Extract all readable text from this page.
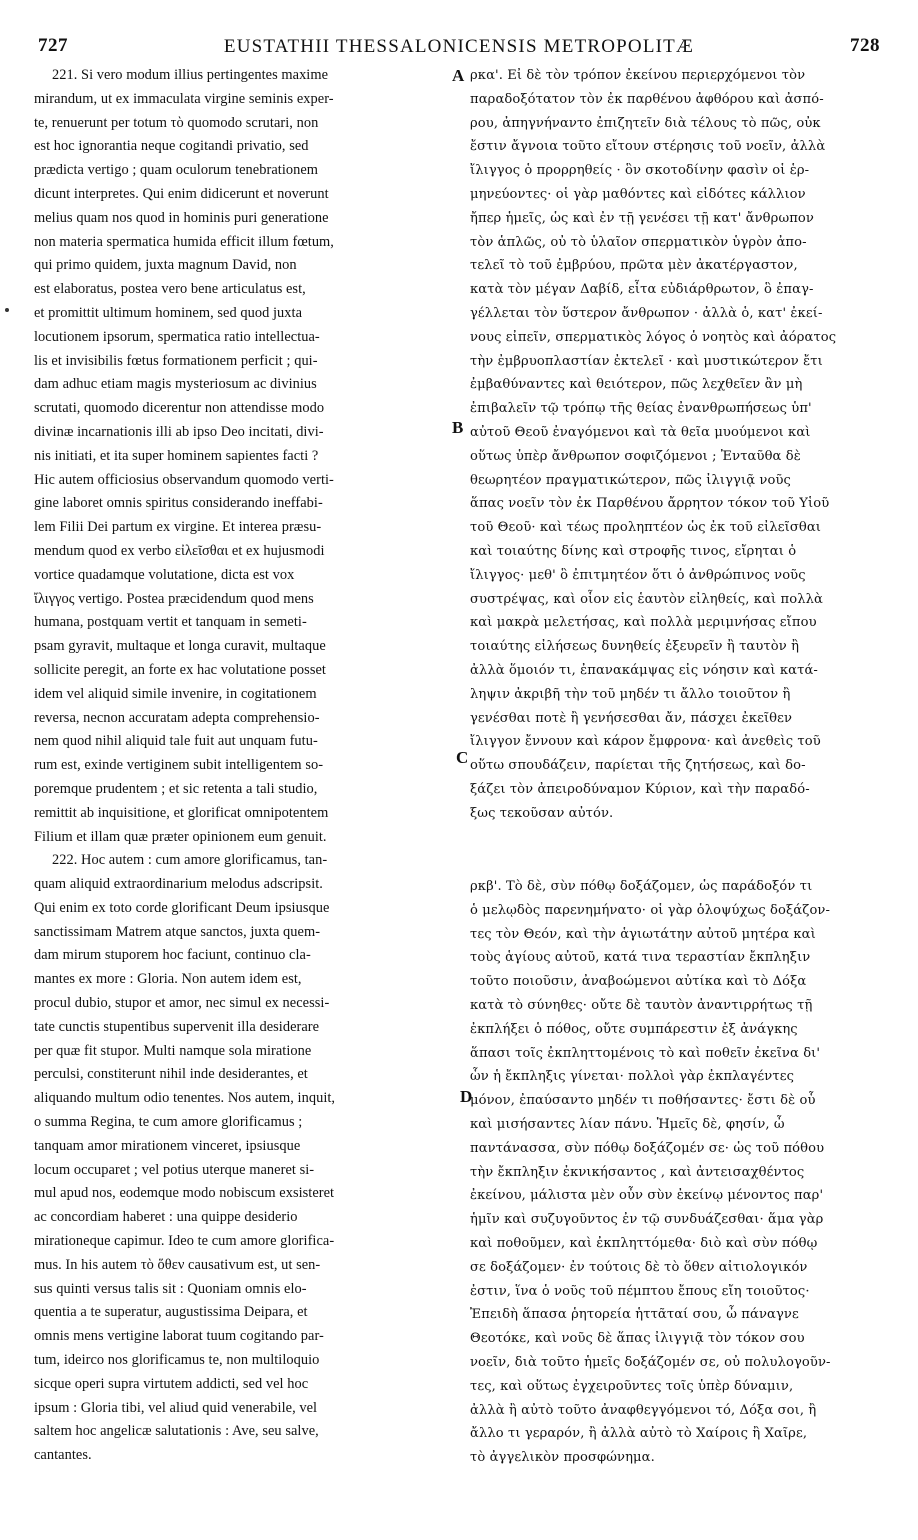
727	EUSTATHII THESSALONICENSIS METROPOLITÆ	728
A
B
C
D
221. Si vero modum illius pertingentes maxime
mirandum, ut ex immaculata virgine seminis exper-
te, renuerunt per totum τὸ quomodo scrutari, non
est hoc ignorantia neque cogitandi privatio, sed
prædicta vertigo ; quam oculorum tenebrationem
dicunt interpretes. Qui enim didicerunt et noverunt
melius quam nos quod in hominis puri generatione
non materia spermatica humida efficit illum fœtum,
qui primo quidem, juxta magnum David, non
est elaboratus, postea vero bene articulatus est,
et promittit ultimum hominem, sed quod juxta
locutionem ipsorum, spermatica ratio intellectua-
lis et invisibilis fœtus formationem perficit ; qui-
dam adhuc etiam magis mysteriosum ac divinius
scrutati, quomodo dicerentur non attendisse modo
divinæ incarnationis illi ab ipso Deo incitati, divi-
nis initiati, et ita super hominem sapientes facti ?
Hic autem officiosius observandum quomodo verti-
gine laboret omnis spiritus considerando ineffabi-
lem Filii Dei partum ex virgine. Et interea præsu-
mendum quod ex verbo εἰλεῖσθαι et ex hujusmodi
vortice quadamque volutatione, dicta est vox
ἴλιγγος vertigo. Postea præcidendum quod mens
humana, postquam vertit et tanquam in semeti-
psam gyravit, multaque et longa curavit, multaque
sollicite peregit, an forte ex hac volutatione posset
idem vel aliquid simile invenire, in cogitationem
reversa, necnon accuratam adepta comprehensio-
nem quod nihil aliquid tale fuit aut unquam futu-
rum est, exinde vertiginem subit intelligentem so-
poremque prudentem ; et sic retenta a tali studio,
remittit ab inquisitione, et glorificat omnipotentem
Filium et illam quæ præter opinionem eum genuit.
222. Hoc autem : cum amore glorificamus, tan-
quam aliquid extraordinarium melodus adscripsit.
Qui enim ex toto corde glorificant Deum ipsiusque
sanctissimam Matrem atque sanctos, juxta quem-
dam mirum stuporem hoc faciunt, continuo cla-
mantes ex more : Gloria. Non autem idem est,
procul dubio, stupor et amor, nec simul ex necessi-
tate cunctis stupentibus supervenit illa desiderare
per quæ fit stupor. Multi namque sola miratione
perculsi, constiterunt nihil inde desiderantes, et
aliquando multum odio tenentes. Nos autem, inquit,
o summa Regina, te cum amore glorificamus ;
tanquam amor mirationem vinceret, ipsiusque
locum occuparet ; vel potius uterque maneret si-
mul apud nos, eodemque modo nobiscum exsisteret
ac concordiam haberet : una quippe desiderio
mirationeque capimur. Ideo te cum amore glorifica-
mus. In his autem τὸ ὅθεν causativum est, ut sen-
sus quinti versus talis sit : Quoniam omnis elo-
quentia a te superatur, augustissima Deipara, et
omnis mens vertigine laborat tuum cogitando par-
tum, ideirco nos glorificamus te, non multiloquio
sicque operi supra virtutem addicti, sed vel hoc
ipsum : Gloria tibi, vel aliud quid venerabile, vel
saltem hoc angelicæ salutationis : Ave, seu salve,
cantantes.
ρκα'. Εἰ δὲ τὸν τρόπον ἐκείνου περιερχόμενοι τὸν
παραδοξότατον τὸν ἐκ παρθένου ἀφθόρου καὶ ἀσπό-
ρου, ἀπηγνήναντο ἐπιζητεῖν διὰ τέλους τὸ πῶς, οὐκ
ἔστιν ἄγνοια τοῦτο εἴτουν στέρησις τοῦ νοεῖν, ἀλλὰ
ἴλιγγος ὁ προρρηθείς · ὃν σκοτοδίνην φασὶν οἱ ἑρ-
μηνεύοντες· οἱ γὰρ μαθόντες καὶ εἰδότες κάλλιον
ἤπερ ἡμεῖς, ὡς καὶ ἐν τῇ γενέσει τῇ κατ' ἄνθρωπον
τὸν ἁπλῶς, οὐ τὸ ὑλαῖον σπερματικὸν ὑγρὸν ἀπο-
τελεῖ τὸ τοῦ ἐμβρύου, πρῶτα μὲν ἀκατέργαστον,
κατὰ τὸν μέγαν Δαβίδ, εἶτα εὐδιάρθρωτον, ὃ ἐπαγ-
γέλλεται τὸν ὕστερον ἄνθρωπον · ἀλλὰ ὁ, κατ' ἐκεί-
νους εἰπεῖν, σπερματικὸς λόγος ὁ νοητὸς καὶ ἀόρατος
τὴν ἐμβρυοπλαστίαν ἐκτελεῖ · καὶ μυστικώτερον ἔτι
ἐμβαθύναντες καὶ θειότερον, πῶς λεχθεῖεν ἂν μὴ
ἐπιβαλεῖν τῷ τρόπῳ τῆς θείας ἐνανθρωπήσεως ὑπ'
αὐτοῦ Θεοῦ ἐναγόμενοι καὶ τὰ θεῖα μυούμενοι καὶ
οὕτως ὑπὲρ ἄνθρωπον σοφιζόμενοι ; Ἐνταῦθα δὲ
θεωρητέον πραγματικώτερον, πῶς ἰλιγγιᾷ νοῦς
ἅπας νοεῖν τὸν ἐκ Παρθένου ἄρρητον τόκον τοῦ Υἱοῦ
τοῦ Θεοῦ· καὶ τέως προληπτέον ὡς ἐκ τοῦ εἰλεῖσθαι
καὶ τοιαύτης δίνης καὶ στροφῆς τινος, εἴρηται ὁ
ἴλιγγος· μεθ' ὃ ἐπιτμητέον ὅτι ὁ ἀνθρώπινος νοῦς
συστρέψας, καὶ οἷον εἰς ἑαυτὸν εἰληθείς, καὶ πολλὰ
καὶ μακρὰ μελετήσας, καὶ πολλὰ μεριμνήσας εἴπου
τοιαύτης εἰλήσεως δυνηθείς ἐξευρεῖν ἢ ταυτὸν ἢ
ἀλλὰ ὅμοιόν τι, ἐπανακάμψας εἰς νόησιν καὶ κατά-
ληψιν ἀκριβῆ τὴν τοῦ μηδέν τι ἄλλο τοιοῦτον ἢ
γενέσθαι ποτὲ ἢ γενήσεσθαι ἄν, πάσχει ἐκεῖθεν
ἴλιγγον ἔννουν καὶ κάρον ἔμφρονα· καὶ ἀνεθεὶς τοῦ
οὕτω σπουδάζειν, παρίεται τῆς ζητήσεως, καὶ δο-
ξάζει τὸν ἀπειροδύναμον Κύριον, καὶ τὴν παραδό-
ξως τεκοῦσαν αὐτόν.
ρκβ'. Τὸ δὲ, σὺν πόθῳ δοξάζομεν, ὡς παράδοξόν τι
ὁ μελῳδὸς παρενημήνατο· οἱ γὰρ ὁλοψύχως δοξάζον-
τες τὸν Θεόν, καὶ τὴν ἁγιωτάτην αὐτοῦ μητέρα καὶ
τοὺς ἁγίους αὐτοῦ, κατά τινα τεραστίαν ἔκπληξιν
τοῦτο ποιοῦσιν, ἀναβοώμενοι αὐτίκα καὶ τὸ Δόξα
κατὰ τὸ σύνηθες· οὔτε δὲ ταυτὸν ἀναντιρρήτως τῇ
ἐκπλήξει ὁ πόθος, οὔτε συμπάρεστιν ἐξ ἀνάγκης
ἅπασι τοῖς ἐκπληττομένοις τὸ καὶ ποθεῖν ἐκεῖνα δι'
ὧν ἡ ἔκπληξις γίνεται· πολλοὶ γὰρ ἐκπλαγέντες
μόνον, ἐπαύσαντο μηδέν τι ποθήσαντες· ἔστι δὲ οὗ
καὶ μισήσαντες λίαν πάνυ. Ἡμεῖς δὲ, φησίν, ὦ
παντάνασσα, σὺν πόθῳ δοξάζομέν σε· ὡς τοῦ πόθου
τὴν ἔκπληξιν ἐκνικήσαντος , καὶ ἀντεισαχθέντος
ἐκείνου, μάλιστα μὲν οὖν σὺν ἐκείνῳ μένοντος παρ'
ἡμῖν καὶ συζυγοῦντος ἐν τῷ συνδυάζεσθαι· ἅμα γὰρ
καὶ ποθοῦμεν, καὶ ἐκπληττόμεθα· διὸ καὶ σὺν πόθῳ
σε δοξάζομεν· ἐν τούτοις δὲ τὸ ὅθεν αἰτιολογικόν
ἐστιν, ἵνα ὁ νοῦς τοῦ πέμπτου ἔπους εἴη τοιοῦτος·
Ἐπειδὴ ἅπασα ῥητορεία ἡττᾶταί σου, ὦ πάναγνε
Θεοτόκε, καὶ νοῦς δὲ ἅπας ἰλιγγιᾷ τὸν τόκον σου
νοεῖν, διὰ τοῦτο ἡμεῖς δοξάζομέν σε, οὐ πολυλογοῦν-
τες, καὶ οὕτως ἐγχειροῦντες τοῖς ὑπὲρ δύναμιν,
ἀλλὰ ἢ αὐτὸ τοῦτο ἀναφθεγγόμενοι τό, Δόξα σοι, ἢ
ἄλλο τι γεραρόν, ἢ ἀλλὰ αὐτὸ τὸ Χαίροις ἢ Χαῖρε,
τὸ ἀγγελικὸν προσφώνημα.
